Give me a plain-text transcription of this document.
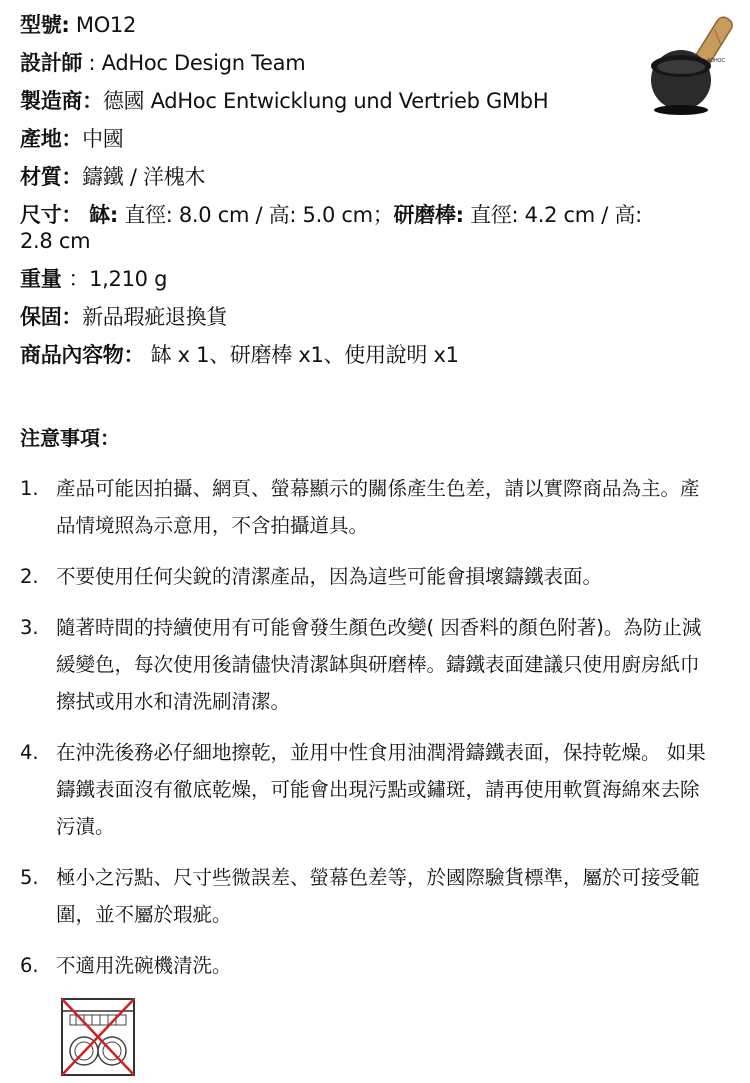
型號: MO12
設計師 : AdHoc Design Team
製造商：德國 AdHoc Entwicklung und Vertrieb GMbH
產地：中國
材質：鑄鐵 / 洋槐木
尺寸： 缽: 直徑: 8.0 cm / 高: 5.0 cm；研磨棒: 直徑: 4.2 cm / 高: 2.8 cm
重量 ：1,210 g
保固：新品瑕疵退換貨
商品內容物： 缽 x 1、研磨棒 x1、使用說明 x1
ADHOC
注意事項：
1. 產品可能因拍攝、網頁、螢幕顯示的關係產生色差，請以實際商品為主。產品情境照為示意用，不含拍攝道具。
2. 不要使用任何尖銳的清潔產品，因為這些可能會損壞鑄鐵表面。
3. 隨著時間的持續使用有可能會發生顏色改變( 因香料的顏色附著)。為防止減緩變色，每次使用後請儘快清潔缽與研磨棒。鑄鐵表面建議只使用廚房紙巾擦拭或用水和清洗刷清潔。
4. 在沖洗後務必仔細地擦乾，並用中性食用油潤滑鑄鐵表面，保持乾燥。 如果鑄鐵表面沒有徹底乾燥，可能會出現污點或鏽斑，請再使用軟質海綿來去除污漬。
5. 極小之污點、尺寸些微誤差、螢幕色差等，於國際驗貨標準，屬於可接受範圍，並不屬於瑕疵。
6. 不適用洗碗機清洗。
